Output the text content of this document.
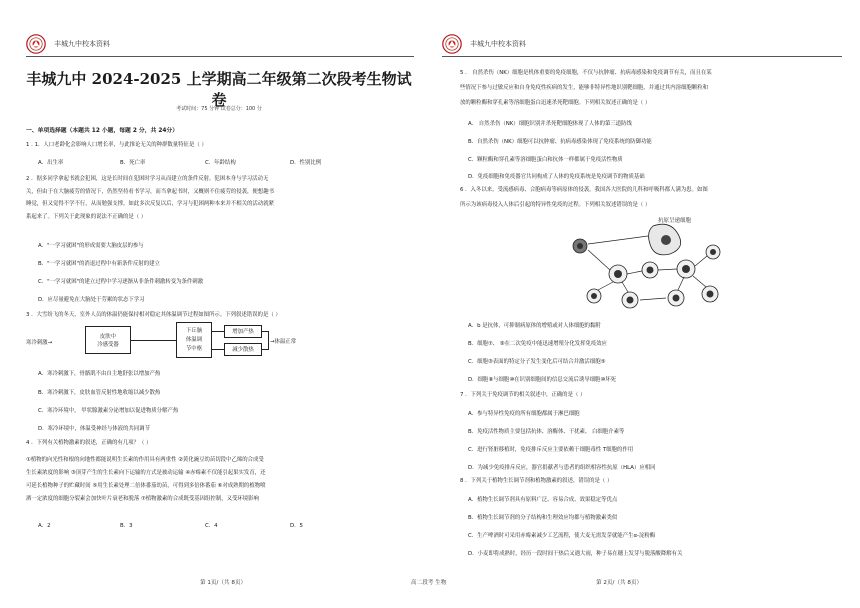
丰城九中校本资料
丰城九中 2024-2025 上学期高二年级第二次段考生物试卷
考试时间：75 分钟 试卷总分：100 分
一、单项选择题（本题共 12 小题，每题 2 分，共 24分）

1 . 1．人口老龄化会影响人口增长率，与此推论无关的种群数量特征是（ ）

A．出生率	B．死亡率	C．年龄结构	D．性别比例

2 ．据多同学拿起书就会犯困，这是长时间在犯困时学习从而建立的条件反射。犯困本身与学习活动无

关，但由于在大脑疲劳的情况下，仍然坚持看书学习，而当拿起书时，又概则不住疲劳的侵袭，便想趣书

睡觉，但又觉得不学不行，从而勉强支撑。如此多次反复以后，学习与犯困两种本来并不相关的活动就紧

系起来了。下列关于此现象的说法不正确的是（ ）

A．"一学习就困"的形成需要大脑皮层的参与
B．"一学习就困"的消退过程中有新条件反射的建立
C．"一学习就困"的建立过程中学习逐渐从非条件刺激转变为条件刺激
D．应尽量避免在大脑处于劳累的状态下学习

3 ．大雪纷飞的冬天，室外人员的体温仍能保持相对稳定其体温调节过程如图所示。下列叙述错误的是（ ）

寒冷刺激→
皮肤中
冷感受器
下丘脑
体温调
节中枢
增加产热
减少散热
→体温正常
A．寒冷刺激下，骨骼肌不由自主地舒张以增加产热
B．寒冷刺激下，皮肤血管反射性地收缩以减少散热
C．寒冷环境中， 甲状腺激素分泌增加以促进物质分解产热
D．寒冷环境中，体温受神经与体液的共同调节

4 ．下列有关植物激素的叙述，正确的有几项？（ ）

①植物的向光性和根的向地性都能说明生长素的作用具有两重性 ②黄化豌豆幼苗切段中乙烯的合成受

生长素浓度的影响 ③顶芽产生的生长素向下运输的方式是被动运输 ④赤霉素不仅能引起果实发育，还

可延长植物种子的贮藏时间 ⑤用生长素处理二倍体番茄幼苗，可得到多倍体番茄 ⑥对成熟期的植物喷

洒一定浓度的细胞分裂素会加快叶片衰老和脱落 ⑦植物激素的合成既受基因组控制，又受环境影响

A．2	B．3	C．4	D．5
第 1页/（共 8页）	高二段考 生物
丰城九中校本资料

5 ． 自然杀伤（NK）细胞是机体重要的免疫细胞，不仅与抗肿瘤、抗病毒感染和免疫调节有关，而且在某

些情况下参与过敏反应和自身免疫性疾病的发生，能够非特异性地识别靶细胞，并通过其内溶细胞颗粒和

放的颗粒酶和穿孔素等溶细胞蛋白迅速杀死靶细胞。下列相关叙述正确的是（ ）

A． 自然杀伤（NK）细胞识别并杀死靶细胞体现了人体的第三道防线
B．自然杀伤（NK）细胞可以抗肿瘤、抗病毒感染体现了免疫系统的防御功能
C．颗粒酶和穿孔素等溶细胞蛋白和抗体一样都属于免疫活性物质
D．免疫细胞和免疫器官共同构成了人体的免疫系统是免疫调节的物质基础

6 ．入冬以来，受流感病毒、合胞病毒等病原体的侵袭，我国各大医院的儿科和呼吸科都人满为患。如图

所示为该病毒侵入人体后引起的特异性免疫的过程。下列相关叙述错误的是（ ）

抗原呈递细胞
A．b 是抗体，可抑制病原体的增殖或对人体细胞的黏附
B．细胞⑦、 ⑨在二次免疫中能迅速增殖分化发挥免疫效应
C．细胞③表面的特定分子发生变化后可结合并激活细胞⑤
D．细胞⑧与细胞⑩在识别细胞间的信息交流后诱导细胞⑩坏死

7 ．下列关于免疫调节的相关叙述中，正确的是（ ）

A．参与特异性免疫的所有细胞都属于淋巴细胞
B．免疫活性物质主要包括抗体、溶酶体、干扰素、 白细胞介素等
C．进行肾脏移植时，免疫排斥反应主要依赖于细胞毒性 T细胞的作用
D．为减少免疫排斥反应，器官捐献者与患者的组织相容性抗原（HLA）应相同

8 ．下列关于植物生长调节剂和植物激素的叙述，错误的是（ ）

A．植物生长调节剂具有原料广泛、容易合成、效果稳定等优点
B．植物生长调节剂的分子结构和生理效应均都与植物激素类似
C．生产啤酒时可采用赤霉素减少工艺流程，使大麦无需发芽就能产生α-淀粉酶
D．小麦即将成熟时，经历一段时间干热后又遇大雨，种子易在穗上发芽与脱落酸降解有关
第 2页/（共 8页）
